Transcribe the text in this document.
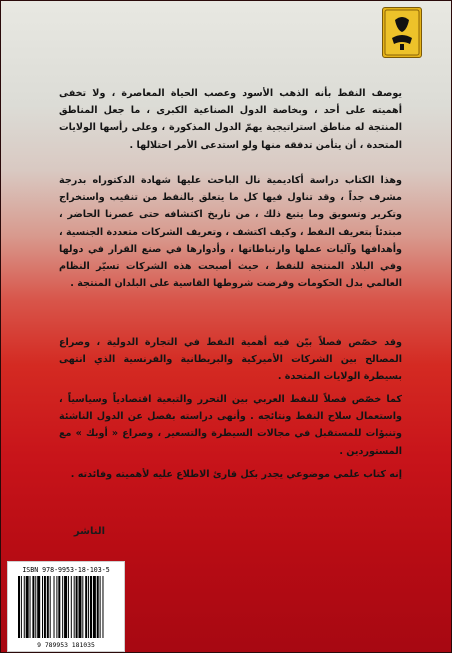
يوصف النفط بأنه الذهب الأسود وعصب الحياة المعاصرة ، ولا تخفى أهميته على أحد ، وبخاصة الدول الصناعية الكبرى ، ما جعل المناطق المنتجة له مناطق استراتيجية يهمّ الدول المذكورة ، وعلى رأسها الولايات المتحدة ، أن يتأمن تدفقه منها ولو استدعى الأمر احتلالها .

وهذا الكتاب دراسة أكاديمية نال الباحث عليها شهادة الدكتوراه بدرجة مشرف جداً ، وقد تناول فيها كل ما يتعلق بالنفط من تنقيب واستخراج وتكرير وتسويق وما يتبع ذلك ، من تاريخ اكتشافه حتى عصرنا الحاضر ، مبتدئاً بتعريف النفط ، وكيف اكتشف ، وتعريف الشركات متعددة الجنسية ، وأهدافها وآليات عملها وارتباطاتها ، وأدوارها في صنع القرار في دولها وفي البلاد المنتجة للنفط ، حيث أصبحت هذه الشركات تسيّر النظام العالمي بدل الحكومات وفرضت شروطها القاسية على البلدان المنتجة .

وقد خصّص فصلاً بيّن فيه أهمية النفط في التجارة الدولية ، وصراع المصالح بين الشركات الأميركية والبريطانية والفرنسية الذي انتهى بسيطرة الولايات المتحدة .

كما خصّص فصلاً للنفط العربي بين التحرر والتبعية اقتصادياً وسياسياً ، واستعمال سلاح النفط ونتائجه . وأنهى دراسته بفصل عن الدول الناشئة وتنبؤات للمستقبل في مجالات السيطرة والتسعير ، وصراع « أوبك » مع المستوردين .

إنه كتاب علمي موضوعي يجدر بكل قارئ الاطلاع عليه لأهميته وفائدته .

الناشر
ISBN 978-9953-18-103-5
9 789953 181035
